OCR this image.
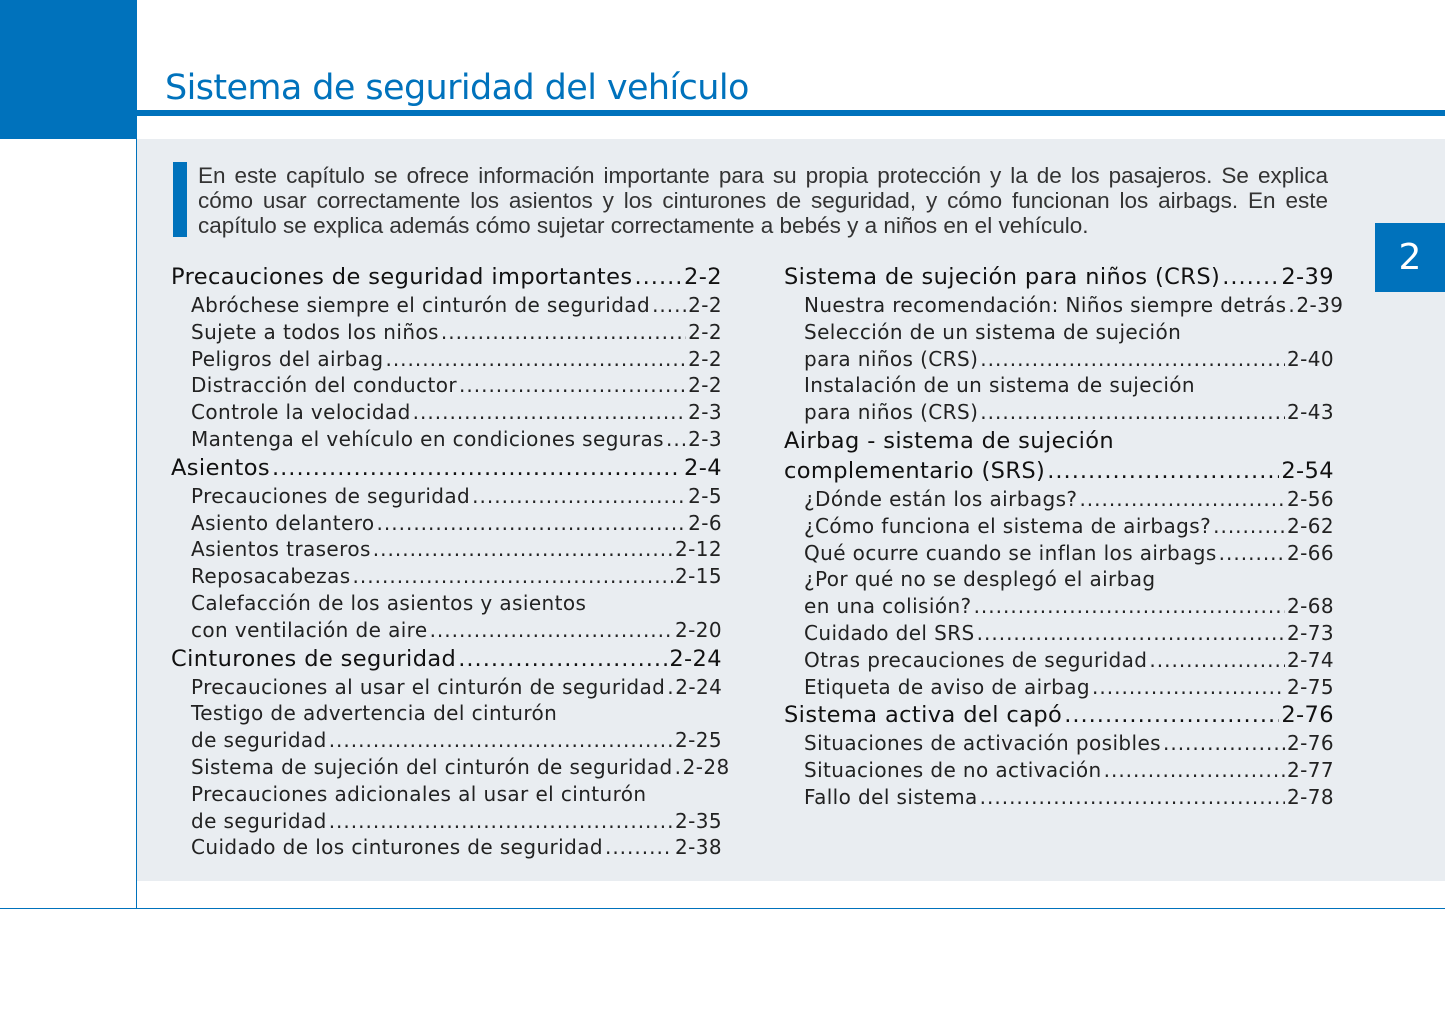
Sistema de seguridad del vehículo
2

En este capítulo se ofrece información importante para su propia protección y la de los pasajeros. Se explica cómo usar correctamente los asientos y los cinturones de seguridad, y cómo funcionan los airbags. En este capítulo se explica además cómo sujetar correctamente a bebés y a niños en el vehículo.

Precauciones de seguridad importantes ..... 2-2
Abróchese siempre el cinturón de seguridad ..... 2-2
Sujete a todos los niños .....	2-2
Peligros del airbag .....	2-2
Distracción del conductor .....	2-2
Controle la velocidad .....	2-3
Mantenga el vehículo en condiciones seguras ..... 2-3
Asientos .....	2-4
Precauciones de seguridad .....	2-5
Asiento delantero .....	2-6
Asientos traseros .....	2-12
Reposacabezas .....	2-15
Calefacción de los asientos y asientos
con ventilación de aire .....	2-20
Cinturones de seguridad .....	2-24
Precauciones al usar el cinturón de seguridad ..... 2-24
Testigo de advertencia del cinturón
de seguridad .....	2-25
Sistema de sujeción del cinturón de seguridad ..... 2-28
Precauciones adicionales al usar el cinturón
de seguridad .....	2-35
Cuidado de los cinturones de seguridad .....	2-38
Sistema de sujeción para niños (CRS) .....	2-39
Nuestra recomendación: Niños siempre detrás ..... 2-39
Selección de un sistema de sujeción
para niños (CRS) .....	2-40
Instalación de un sistema de sujeción
para niños (CRS) .....	2-43
Airbag - sistema de sujeción
complementario (SRS) .....	2-54
¿Dónde están los airbags? .....	2-56
¿Cómo funciona el sistema de airbags? .....	2-62
Qué ocurre cuando se inflan los airbags .....	2-66
¿Por qué no se desplegó el airbag
en una colisión? .....	2-68
Cuidado del SRS .....	2-73
Otras precauciones de seguridad .....	2-74
Etiqueta de aviso de airbag .....	2-75
Sistema activa del capó .....	2-76
Situaciones de activación posibles .....	2-76
Situaciones de no activación .....	2-77
Fallo del sistema .....	2-78
